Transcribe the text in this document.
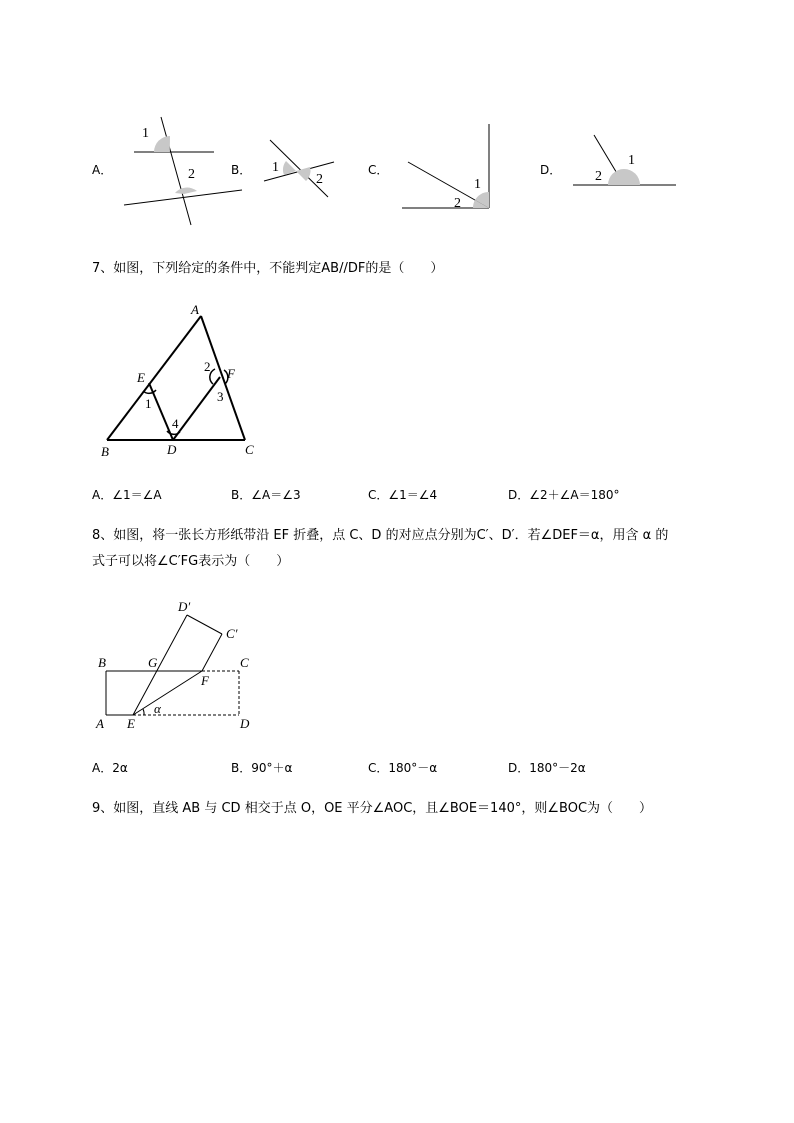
A．
1
2	B． 1
2
C．
1
2
D．
1
2
7、如图，下列给定的条件中，不能判定AB//DF的是（　　）
A
B	C
D
E	F
1
2
3
4
A．∠1＝∠A	B．∠A＝∠3	C．∠1＝∠4	D．∠2＋∠A＝180°
8、如图，将一张长方形纸带沿 EF 折叠，点 C、D 的对应点分别为C′、D′．若∠DEF＝α，用含 α 的
式子可以将∠C′FG表示为（　　）
B	C
A	D
E
F
G
D′
C′
α
A．2α	B．90°＋α	C．180°－α	D．180°－2α
9、如图，直线 AB 与 CD 相交于点 O，OE 平分∠AOC，且∠BOE＝140°，则∠BOC为（　　）
